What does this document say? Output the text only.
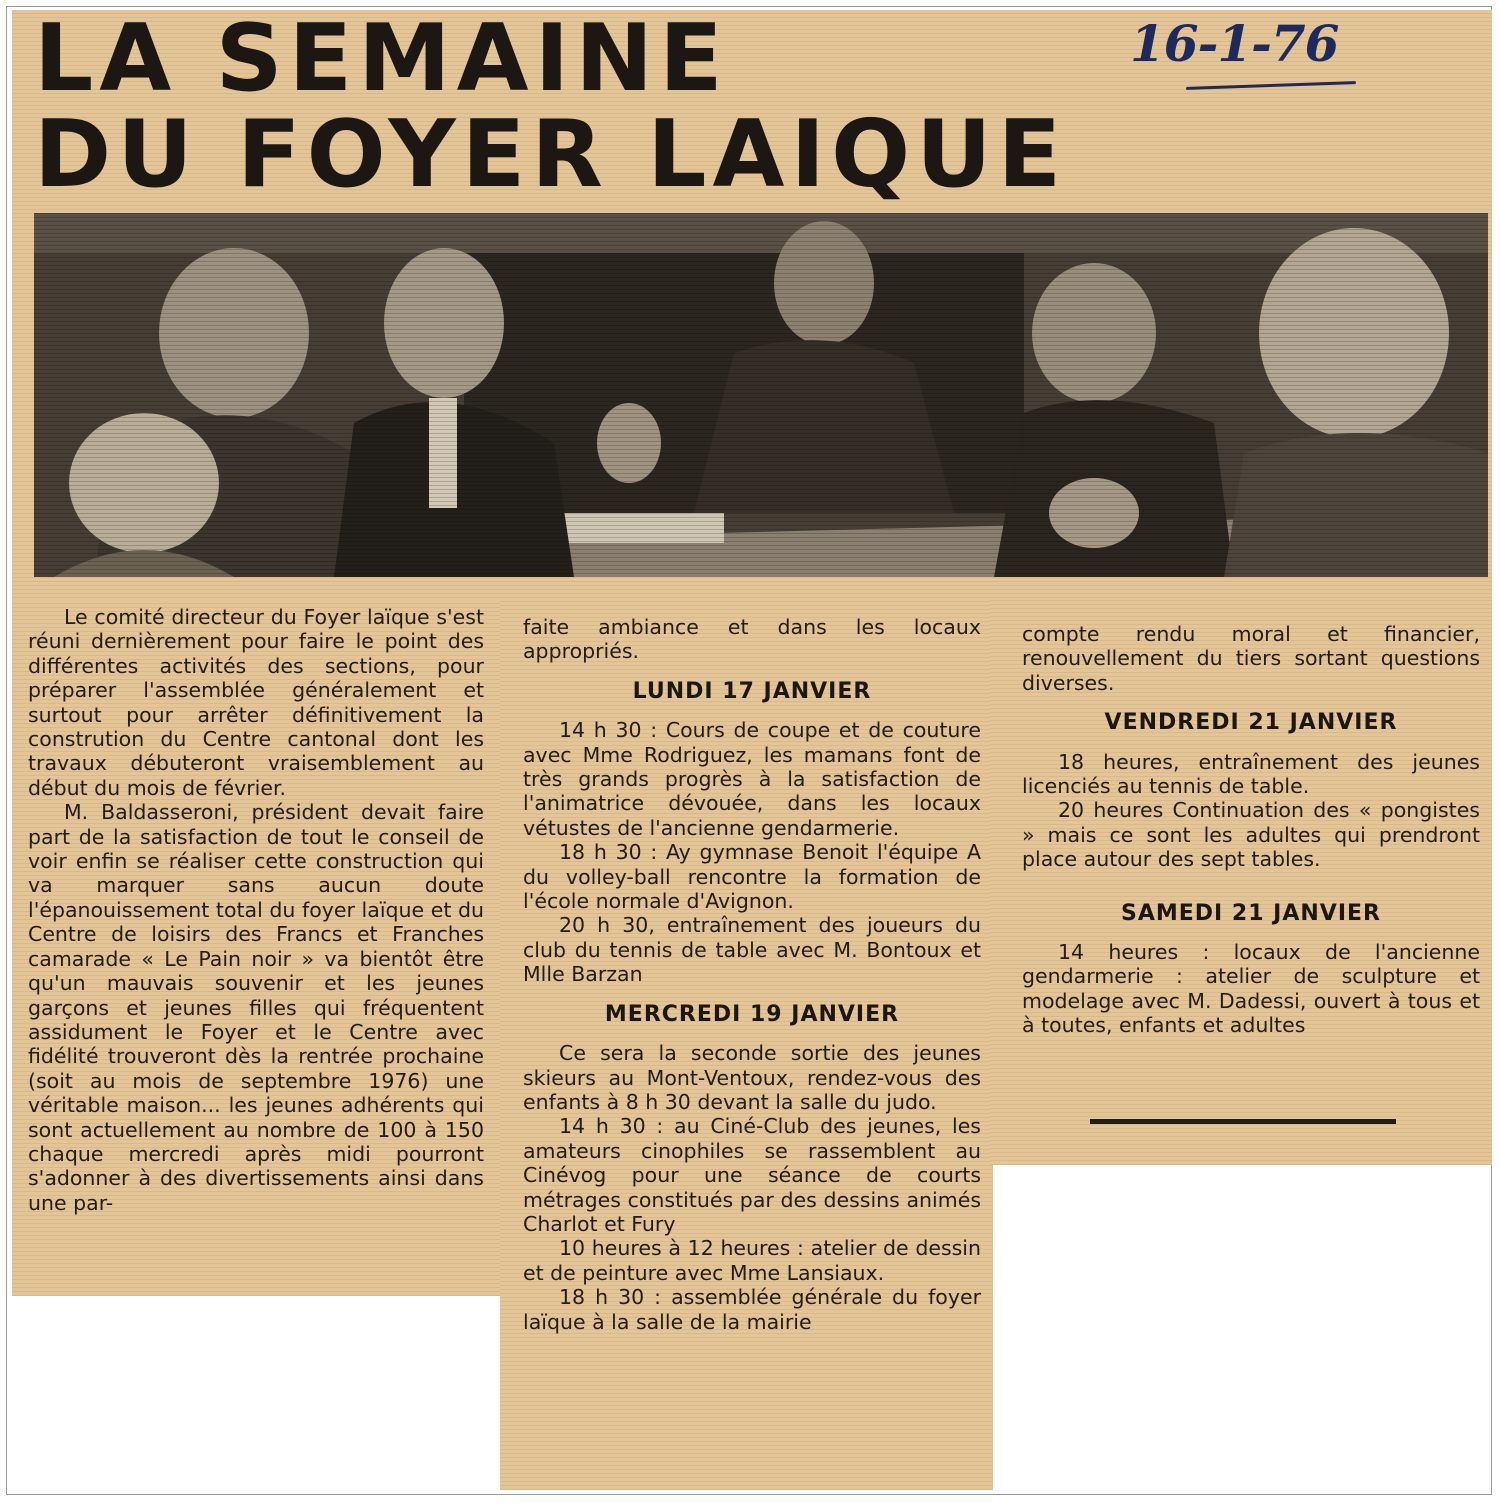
LA SEMAINE
DU FOYER LAIQUE
16-1-76

Le comité directeur du Foyer laïque s'est réuni dernièrement pour faire le point des différentes activités des sections, pour préparer l'assemblée généralement et surtout pour arrêter définitivement la constrution du Centre cantonal dont les travaux débuteront vraisemblement au début du mois de février.

M. Baldasseroni, président devait faire part de la satisfaction de tout le conseil de voir enfin se réaliser cette construction qui va marquer sans aucun doute l'épanouissement total du foyer laïque et du Centre de loisirs des Francs et Franches camarade « Le Pain noir » va bientôt être qu'un mauvais souvenir et les jeunes garçons et jeunes filles qui fréquentent assidument le Foyer et le Centre avec fidélité trouveront dès la rentrée prochaine (soit au mois de septembre 1976) une véritable maison... les jeunes adhérents qui sont actuellement au nombre de 100 à 150 chaque mercredi après midi pourront s'adonner à des divertissements ainsi dans une par-

faite ambiance et dans les locaux appropriés.

LUNDI 17 JANVIER

14 h 30 : Cours de coupe et de couture avec Mme Rodriguez, les mamans font de très grands progrès à la satisfaction de l'animatrice dévouée, dans les locaux vétustes de l'ancienne gendarmerie.

18 h 30 : Ay gymnase Benoit l'équipe A du volley-ball rencontre la formation de l'école normale d'Avignon.

20 h 30, entraînement des joueurs du club du tennis de table avec M. Bontoux et Mlle Barzan

MERCREDI 19 JANVIER

Ce sera la seconde sortie des jeunes skieurs au Mont-Ventoux, rendez-vous des enfants à 8 h 30 devant la salle du judo.

14 h 30 : au Ciné-Club des jeunes, les amateurs cinophiles se rassemblent au Cinévog pour une séance de courts métrages constitués par des dessins animés Charlot et Fury

10 heures à 12 heures : atelier de dessin et de peinture avec Mme Lansiaux.

18 h 30 : assemblée générale du foyer laïque à la salle de la mairie

compte rendu moral et financier, renouvellement du tiers sortant questions diverses.

VENDREDI 21 JANVIER

18 heures, entraînement des jeunes licenciés au tennis de table.

20 heures Continuation des « pongistes » mais ce sont les adultes qui prendront place autour des sept tables.

SAMEDI 21 JANVIER

14 heures : locaux de l'ancienne gendarmerie : atelier de sculpture et modelage avec M. Dadessi, ouvert à tous et à toutes, enfants et adultes
